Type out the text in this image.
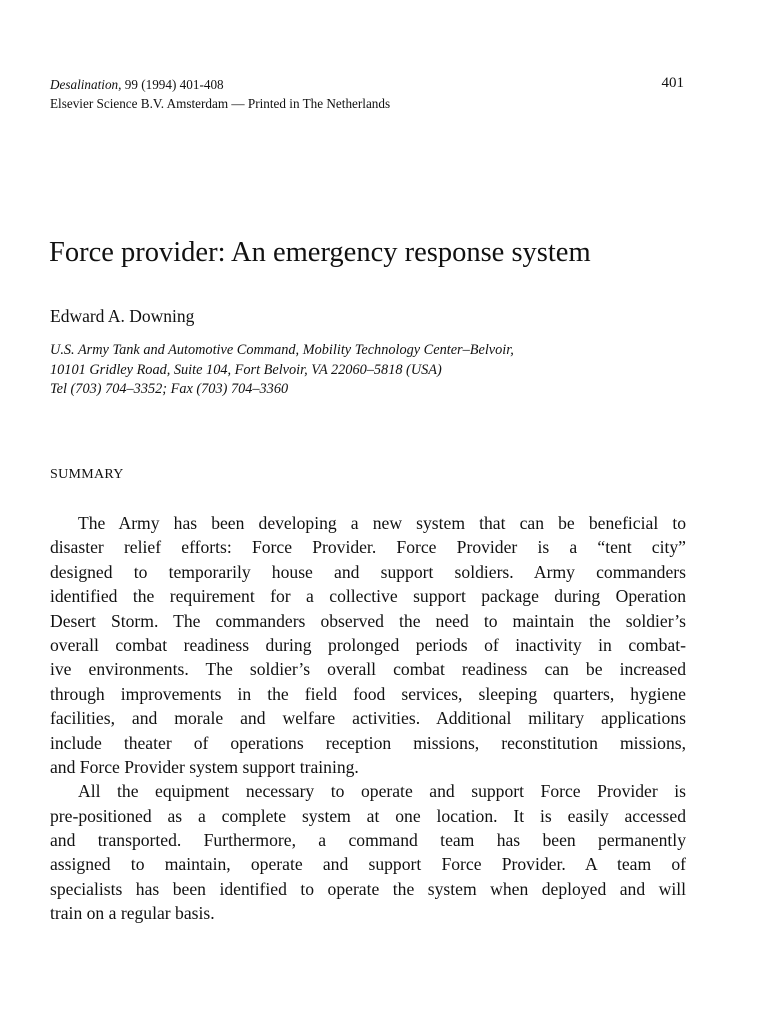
Desalination, 99 (1994) 401-408
Elsevier Science B.V. Amsterdam — Printed in The Netherlands
401
Force provider: An emergency response system
Edward A. Downing
U.S. Army Tank and Automotive Command, Mobility Technology Center–Belvoir,
10101 Gridley Road, Suite 104, Fort Belvoir, VA 22060–5818 (USA)
Tel (703) 704–3352; Fax (703) 704–3360
SUMMARY
The Army has been developing a new system that can be beneficial to
disaster relief efforts: Force Provider. Force Provider is a “tent city”
designed to temporarily house and support soldiers. Army commanders
identified the requirement for a collective support package during Operation
Desert Storm. The commanders observed the need to maintain the soldier’s
overall combat readiness during prolonged periods of inactivity in combat-
ive environments. The soldier’s overall combat readiness can be increased
through improvements in the field food services, sleeping quarters, hygiene
facilities, and morale and welfare activities. Additional military applications
include theater of operations reception missions, reconstitution missions,
and Force Provider system support training.
All the equipment necessary to operate and support Force Provider is
pre-positioned as a complete system at one location. It is easily accessed
and transported. Furthermore, a command team has been permanently
assigned to maintain, operate and support Force Provider. A team of
specialists has been identified to operate the system when deployed and will
train on a regular basis.
